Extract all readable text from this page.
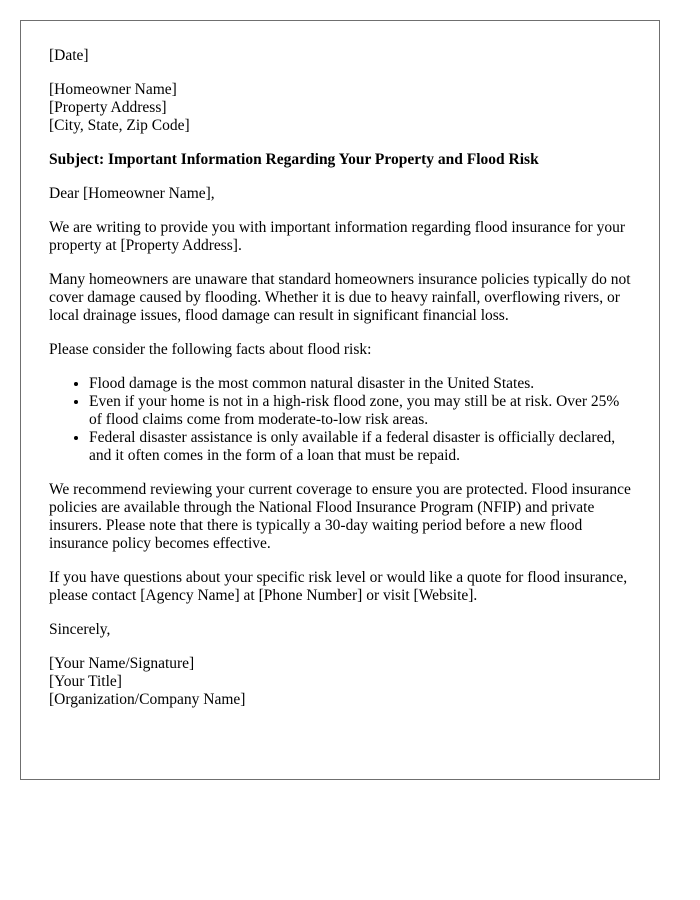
[Date]

[Homeowner Name]

[Property Address]

[City, State, Zip Code]

Subject: Important Information Regarding Your Property and Flood Risk

Dear [Homeowner Name],

We are writing to provide you with important information regarding flood insurance for your property at [Property Address].

Many homeowners are unaware that standard homeowners insurance policies typically do not cover damage caused by flooding. Whether it is due to heavy rainfall, overflowing rivers, or local drainage issues, flood damage can result in significant financial loss.

Please consider the following facts about flood risk:

• Flood damage is the most common natural disaster in the United States.
• Even if your home is not in a high-risk flood zone, you may still be at risk. Over 25% of flood claims come from moderate-to-low risk areas.
• Federal disaster assistance is only available if a federal disaster is officially declared, and it often comes in the form of a loan that must be repaid.

We recommend reviewing your current coverage to ensure you are protected. Flood insurance policies are available through the National Flood Insurance Program (NFIP) and private insurers. Please note that there is typically a 30-day waiting period before a new flood insurance policy becomes effective.

If you have questions about your specific risk level or would like a quote for flood insurance, please contact [Agency Name] at [Phone Number] or visit [Website].

Sincerely,

[Your Name/Signature]

[Your Title]

[Organization/Company Name]
